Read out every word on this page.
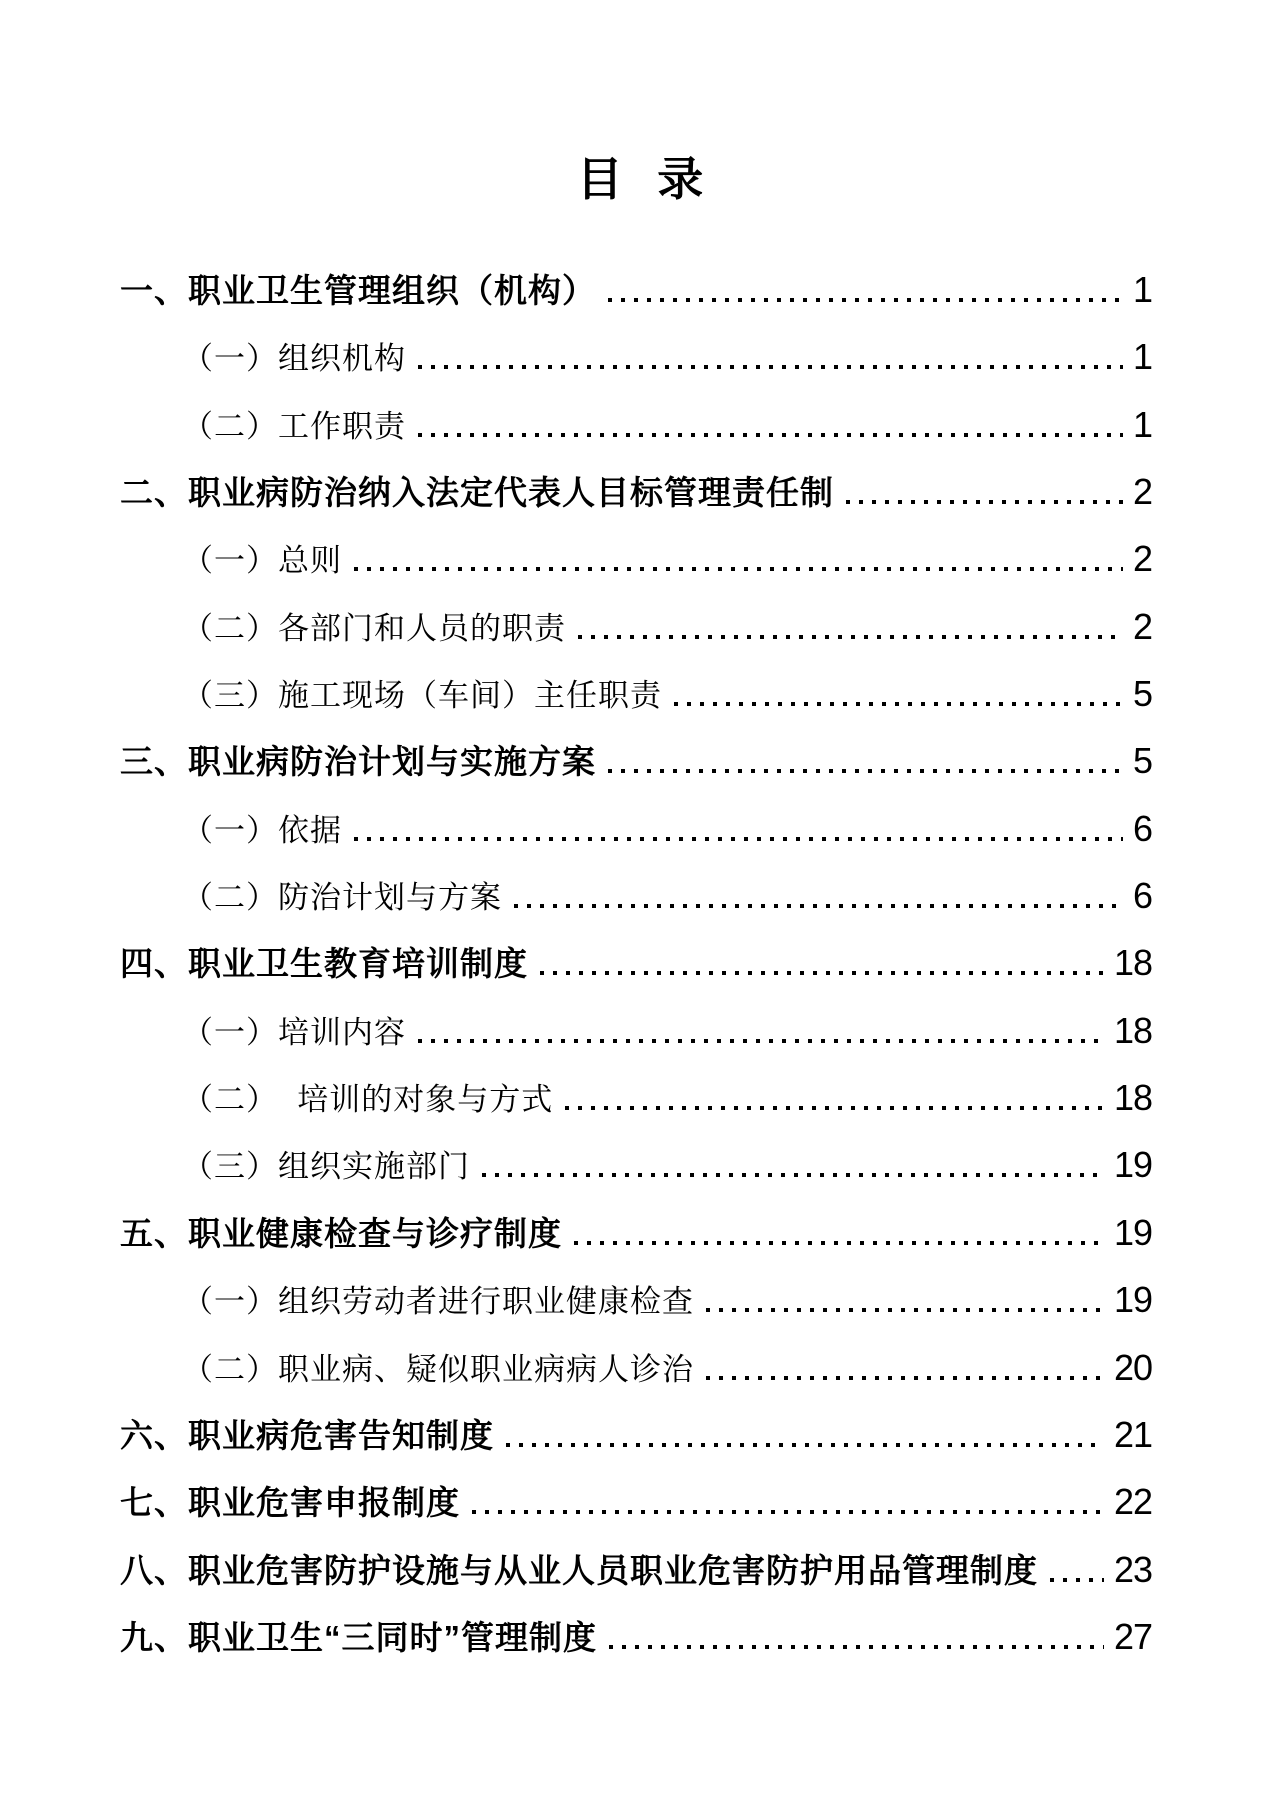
目   录
一、职业卫生管理组织（机构）	1
（一）组织机构	1
（二）工作职责	1
二、职业病防治纳入法定代表人目标管理责任制	2
（一）总则	2
（二）各部门和人员的职责	2
（三）施工现场（车间）主任职责	5
三、职业病防治计划与实施方案	5
（一）依据	6
（二）防治计划与方案	6
四、职业卫生教育培训制度	18
（一）培训内容	18
（二）  培训的对象与方式	18
（三）组织实施部门	19
五、职业健康检查与诊疗制度	19
（一）组织劳动者进行职业健康检查	19
（二）职业病、疑似职业病病人诊治	20
六、职业病危害告知制度	21
七、职业危害申报制度	22
八、职业危害防护设施与从业人员职业危害防护用品管理制度 23
九、职业卫生“三同时”管理制度	27
